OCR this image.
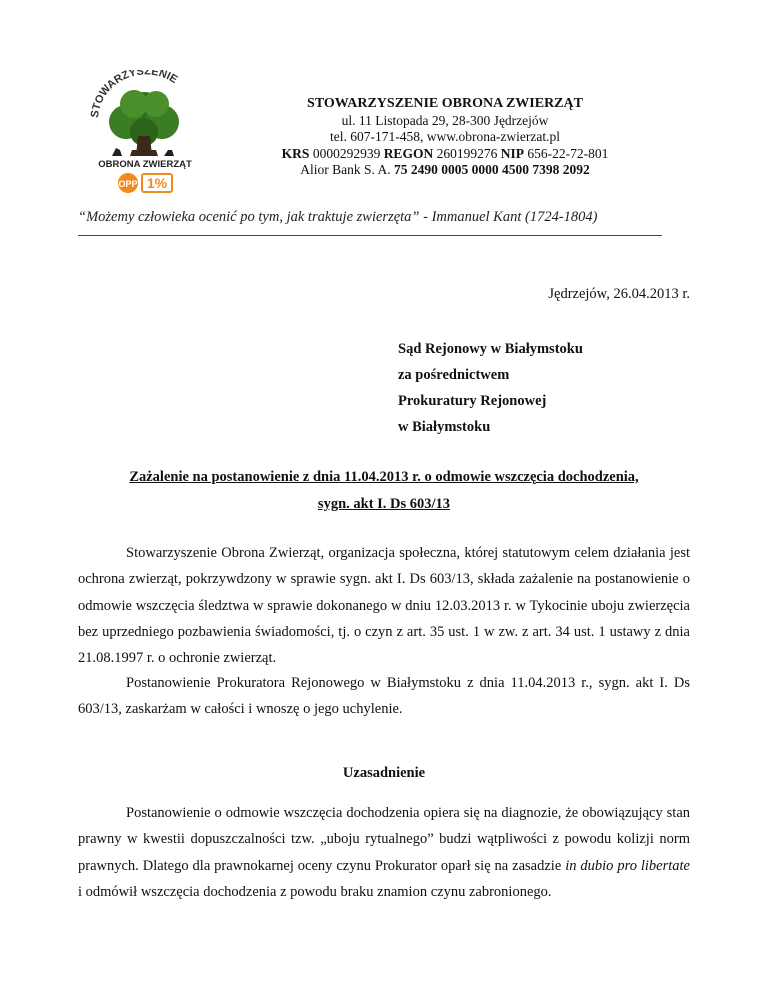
STOWARZYSZENIE
OBRONA ZWIERZĄT
OPP 1%
STOWARZYSZENIE OBRONA ZWIERZĄT
ul. 11 Listopada 29, 28-300 Jędrzejów
tel. 607-171-458, www.obrona-zwierzat.pl
KRS 0000292939 REGON 260199276 NIP 656-22-72-801
Alior Bank S. A. 75 2490 0005 0000 4500 7398 2092
“Możemy człowieka ocenić po tym, jak traktuje zwierzęta” - Immanuel Kant (1724-1804)
Jędrzejów, 26.04.2013 r.
Sąd Rejonowy w Białymstoku
za pośrednictwem
Prokuratury Rejonowej
w Białymstoku
Zażalenie na postanowienie z dnia 11.04.2013 r. o odmowie wszczęcia dochodzenia,
sygn. akt I. Ds 603/13
Stowarzyszenie Obrona Zwierząt, organizacja społeczna, której statutowym celem działania jest ochrona zwierząt, pokrzywdzony w sprawie sygn. akt I. Ds 603/13, składa zażalenie na postanowienie o odmowie wszczęcia śledztwa w sprawie dokonanego w dniu 12.03.2013 r. w Tykocinie uboju zwierzęcia bez uprzedniego pozbawienia świadomości, tj. o czyn z art. 35 ust. 1 w zw. z art. 34 ust. 1 ustawy z dnia 21.08.1997 r. o ochronie zwierząt.
Postanowienie Prokuratora Rejonowego w Białymstoku z dnia 11.04.2013 r., sygn. akt I. Ds 603/13, zaskarżam w całości i wnoszę o jego uchylenie.
Uzasadnienie
Postanowienie o odmowie wszczęcia dochodzenia opiera się na diagnozie, że obowiązujący stan prawny w kwestii dopuszczalności tzw. „uboju rytualnego” budzi wątpliwości z powodu kolizji norm prawnych. Dlatego dla prawnokarnej oceny czynu Prokurator oparł się na zasadzie in dubio pro libertate i odmówił wszczęcia dochodzenia z powodu braku znamion czynu zabronionego.
